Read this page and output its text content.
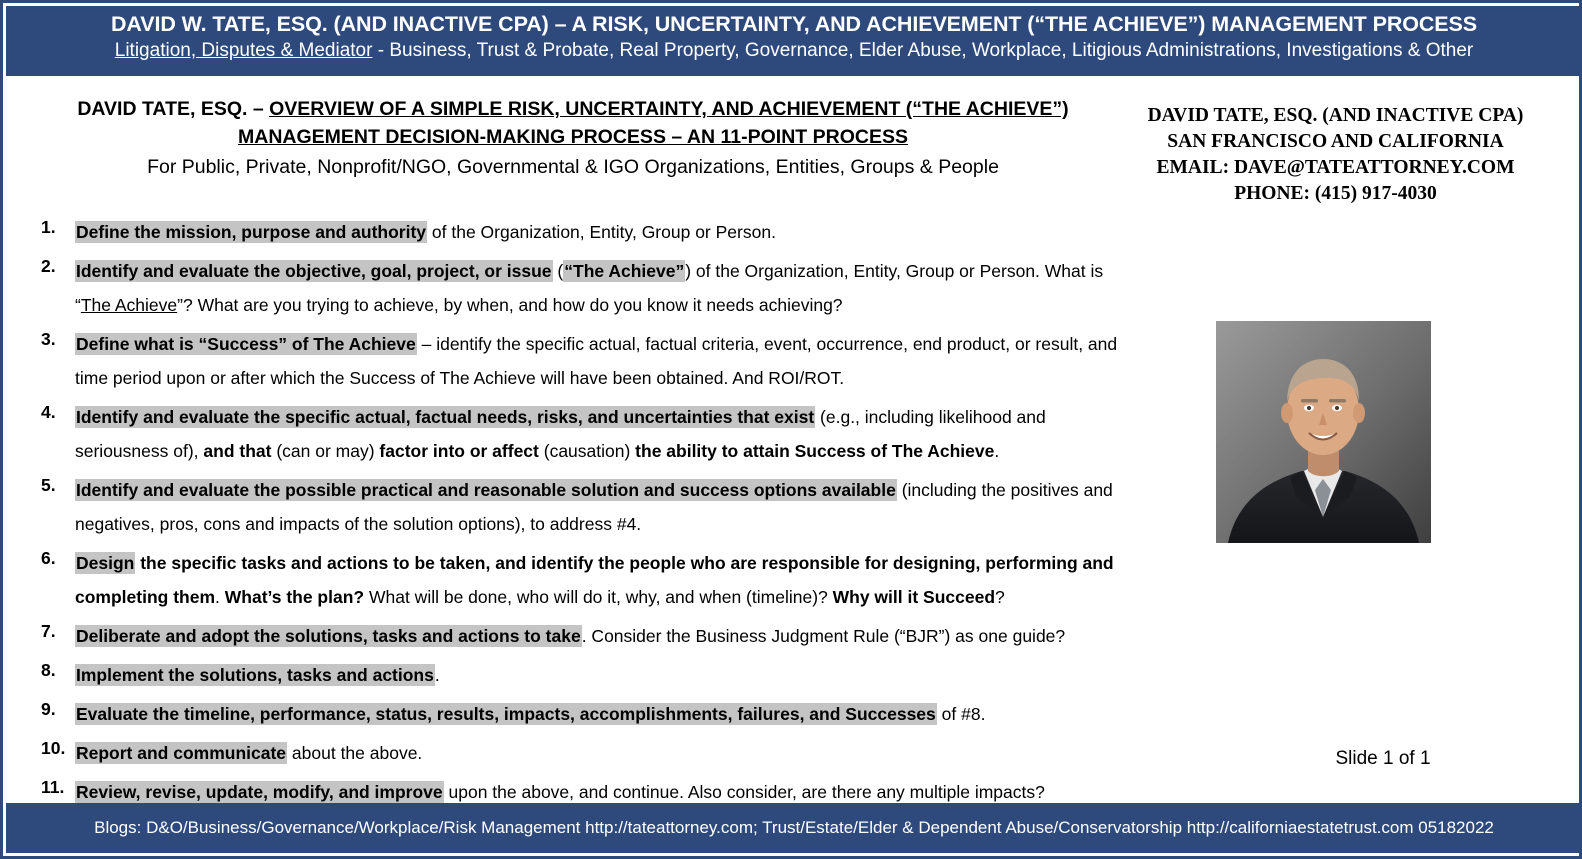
DAVID W. TATE, ESQ. (AND INACTIVE CPA) – A RISK, UNCERTAINTY, AND ACHIEVEMENT (“THE ACHIEVE”) MANAGEMENT PROCESS
Litigation, Disputes & Mediator - Business, Trust & Probate, Real Property, Governance, Elder Abuse, Workplace, Litigious Administrations, Investigations & Other
DAVID TATE, ESQ. – OVERVIEW OF A SIMPLE RISK, UNCERTAINTY, AND ACHIEVEMENT (“THE ACHIEVE”)
MANAGEMENT DECISION-MAKING PROCESS – AN 11-POINT PROCESS
For Public, Private, Nonprofit/NGO, Governmental & IGO Organizations, Entities, Groups & People
DAVID TATE, ESQ. (AND INACTIVE CPA)
SAN FRANCISCO AND CALIFORNIA
EMAIL: DAVE@TATEATTORNEY.COM
PHONE: (415) 917-4030
1.	Define the mission, purpose and authority of the Organization, Entity, Group or Person.
2.	Identify and evaluate the objective, goal, project, or issue (“The Achieve”) of the Organization, Entity, Group or Person. What is “The Achieve”? What are you trying to achieve, by when, and how do you know it needs achieving?
3.	Define what is “Success” of The Achieve – identify the specific actual, factual criteria, event, occurrence, end product, or result, and time period upon or after which the Success of The Achieve will have been obtained. And ROI/ROT.
4.	Identify and evaluate the specific actual, factual needs, risks, and uncertainties that exist (e.g., including likelihood and seriousness of), and that (can or may) factor into or affect (causation) the ability to attain Success of The Achieve.
5.	Identify and evaluate the possible practical and reasonable solution and success options available (including the positives and negatives, pros, cons and impacts of the solution options), to address #4.
6.	Design the specific tasks and actions to be taken, and identify the people who are responsible for designing, performing and completing them. What’s the plan? What will be done, who will do it, why, and when (timeline)? Why will it Succeed?
7.	Deliberate and adopt the solutions, tasks and actions to take. Consider the Business Judgment Rule (“BJR”) as one guide?
8.	Implement the solutions, tasks and actions.
9.	Evaluate the timeline, performance, status, results, impacts, accomplishments, failures, and Successes of #8.
10. Report and communicate about the above.
11. Review, revise, update, modify, and improve upon the above, and continue. Also consider, are there any multiple impacts?
Slide 1 of 1
Blogs: D&O/Business/Governance/Workplace/Risk Management http://tateattorney.com; Trust/Estate/Elder & Dependent Abuse/Conservatorship http://californiaestatetrust.com 05182022
